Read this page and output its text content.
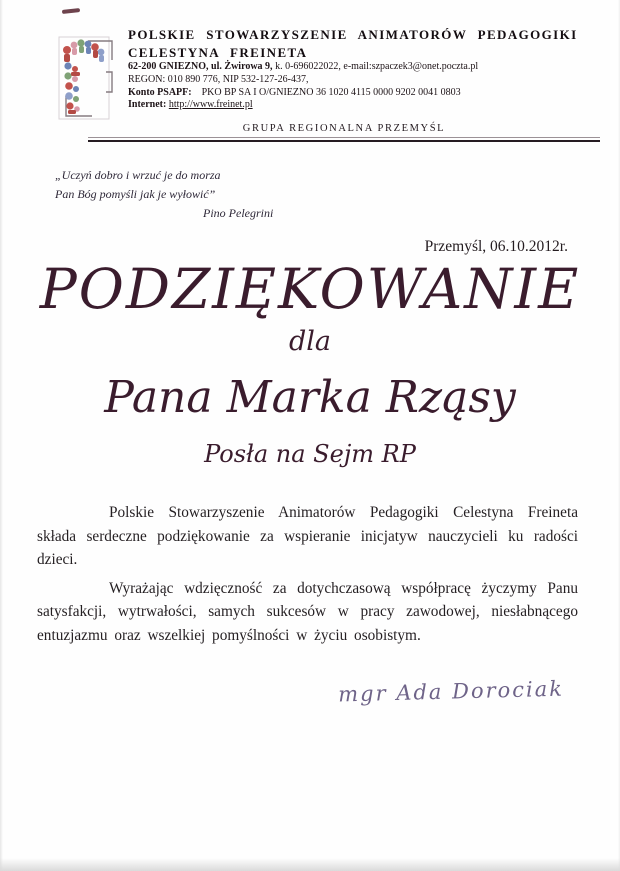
POLSKIE STOWARZYSZENIE ANIMATORÓW PEDAGOGIKI
CELESTYNA FREINETA
62-200 GNIEZNO, ul. Żwirowa 9, k. 0-696022022, e-mail:szpaczek3@onet.poczta.pl
REGON: 010 890 776, NIP 532-127-26-437,
Konto PSAPF: PKO BP SA I O/GNIEZNO 36 1020 4115 0000 9202 0041 0803
Internet: http://www.freinet.pl
GRUPA REGIONALNA PRZEMYŚL
„Uczyń dobro i wrzuć je do morza
Pan Bóg pomyśli jak je wyłowić”
Pino Pelegrini
Przemyśl, 06.10.2012r.
PODZIĘKOWANIE
dla
Pana Marka Rząsy
Posła na Sejm RP

Polskie Stowarzyszenie Animatorów Pedagogiki Celestyna Freineta składa serdeczne podziękowanie za wspieranie inicjatyw nauczycieli ku radości dzieci.

Wyrażając wdzięczność za dotychczasową współpracę życzymy Panu satysfakcji, wytrwałości, samych sukcesów w pracy zawodowej, niesłabnącego entuzjazmu oraz wszelkiej pomyślności w życiu osobistym.

mgr Ada Dorociak
